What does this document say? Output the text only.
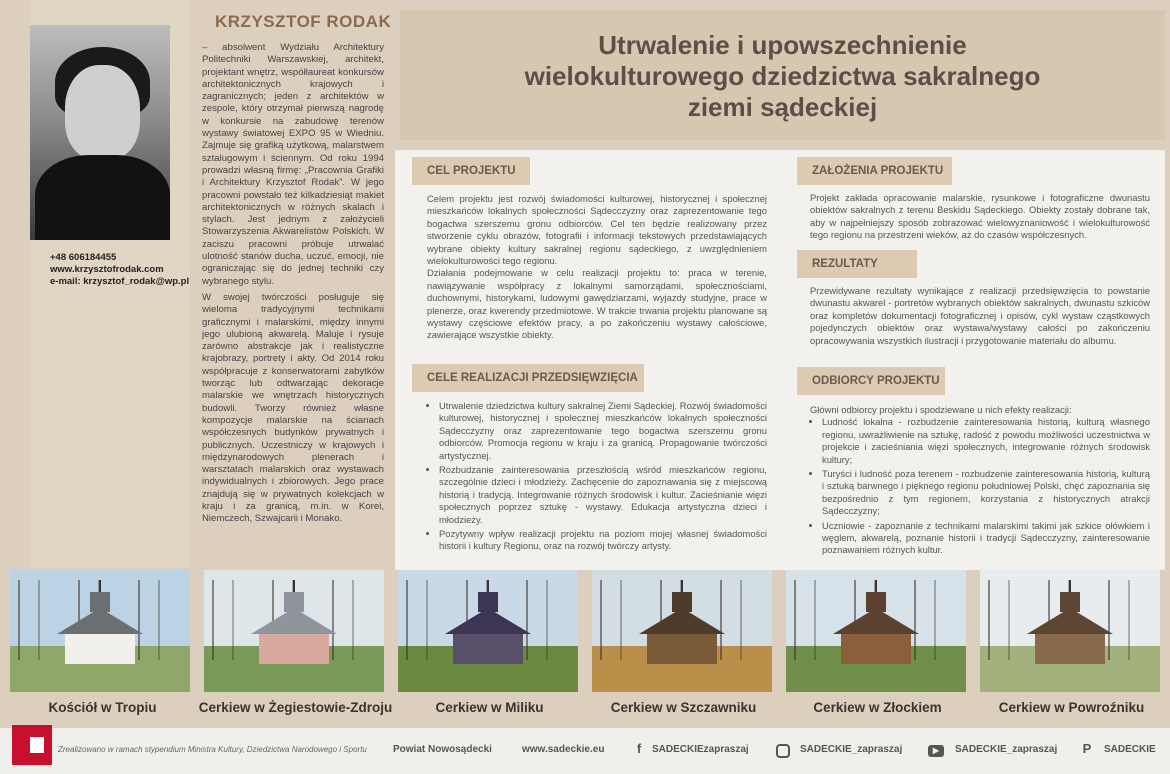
+48 606184455
www.krzysztofrodak.com
e-mail: krzysztof_rodak@wp.pl
KRZYSZTOF RODAK

– absolwent Wydziału Architektury Politechniki Warszawskiej, architekt, projektant wnętrz, współlaureat konkursów architektonicznych krajowych i zagranicznych; jeden z architektów w zespole, który otrzymał pierwszą nagrodę w konkursie na zabudowę terenów wystawy światowej EXPO 95 w Wiedniu. Zajmuje się grafiką użytkową, malarstwem sztalugowym i ściennym. Od roku 1994 prowadzi własną firmę: „Pracownia Grafiki i Architektury Krzysztof Rodak”. W jego pracowni powstało też kilkadziesiąt makiet architektonicznych w różnych skalach i stylach. Jest jednym z założycieli Stowarzyszenia Akwarelistów Polskich. W zaciszu pracowni próbuje utrwalać ulotność stanów ducha, uczuć, emocji, nie ograniczając się do jednej techniki czy wybranego stylu.

W swojej twórczości posługuje się wieloma tradycyjnymi technikami graficznymi i malarskimi, między innymi jego ulubioną akwarelą. Maluje i rysuje zarówno abstrakcje jak i realistyczne krajobrazy, portrety i akty. Od 2014 roku współpracuje z konserwatorami zabytków tworząc lub odtwarzając dekoracje malarskie we wnętrzach historycznych budowli. Tworzy również własne kompozycje malarskie na ścianach współczesnych budynków prywatnych i publicznych. Uczestniczy w krajowych i międzynarodowych plenerach i warsztatach malarskich oraz wystawach indywidualnych i zbiorowych. Jego prace znajdują się w prywatnych kolekcjach w kraju i za granicą, m.in. w Korei, Niemczech, Szwajcarii i Monako.

Utrwalenie i upowszechnienie
wielokulturowego dziedzictwa sakralnego
ziemi sądeckiej
CEL PROJEKTU

Celem projektu jest rozwój świadomości kulturowej, historycznej i społecznej mieszkańców lokalnych społeczności Sądecczyzny oraz zaprezentowanie tego bogactwa szerszemu gronu odbiorców. Cel ten będzie realizowany przez stworzenie cyklu obrazów, fotografii i informacji tekstowych przedstawiających wybrane obiekty kultury sakralnej regionu sądeckiego, z uwzględnieniem wielokulturowości tego regionu.

Działania podejmowane w celu realizacji projektu to: praca w terenie, nawiązywanie współpracy z lokalnymi samorządami, społecznościami, duchownymi, historykami, ludowymi gawędziarzami, wyjazdy studyjne, prace w plenerze, oraz kwerendy przedmiotowe. W trakcie trwania projektu planowane są wystawy częściowe efektów pracy, a po zakończeniu wystawy całościowe, zawierające wszystkie obiekty.

CELE REALIZACJI PRZEDSIĘWZIĘCIA
• Utrwalenie dziedzictwa kultury sakralnej Ziemi Sądeckiej. Rozwój świadomości kulturowej, historycznej i społecznej mieszkańców lokalnych społeczności Sądecczyzny oraz zaprezentowanie tego bogactwa szerszemu gronu odbiorców. Promocja regionu w kraju i za granicą. Propagowanie twórczości artystycznej.
• Rozbudzanie zainteresowania przeszłością wśród mieszkańców regionu, szczególnie dzieci i młodzieży. Zachęcenie do zapoznawania się z miejscową historią i tradycją. Integrowanie różnych środowisk i kultur. Zacieśnianie więzi społecznych poprzez sztukę - wystawy. Edukacja artystyczna dzieci i młodzieży.
• Pozytywny wpływ realizacji projektu na poziom mojej własnej świadomości historii i kultury Regionu, oraz na rozwój twórczy artysty.
ZAŁOŻENIA PROJEKTU
Projekt zakłada opracowanie malarskie, rysunkowe i fotograficzne dwunastu obiektów sakralnych z terenu Beskidu Sądeckiego. Obiekty zostały dobrane tak, aby w najpełniejszy sposób zobrazować wielowyznaniowość i wielokulturowość tego regionu na przestrzeni wieków, aż do czasów współczesnych.
REZULTATY
Przewidywane rezultaty wynikające z realizacji przedsięwzięcia to powstanie dwunastu akwarel - portretów wybranych obiektów sakralnych, dwunastu szkiców oraz kompletów dokumentacji fotograficznej i opisów, cykl wystaw cząstkowych pojedynczych obiektów oraz wystawa/wystawy całości po zakończeniu opracowywania wszystkich ilustracji i przygotowanie materiału do albumu.
ODBIORCY PROJEKTU

Główni odbiorcy projektu i spodziewane u nich efekty realizacji:

• Ludność lokalna - rozbudzenie zainteresowania historią, kulturą własnego regionu, uwrażliwienie na sztukę, radość z powodu możliwości uczestnictwa w projekcie i zacieśniania więzi społecznych, integrowanie różnych środowisk kultury;
• Turyści i ludność poza terenem - rozbudzenie zainteresowania historią, kulturą i sztuką barwnego i pięknego regionu południowej Polski, chęć zapoznania się bezpośrednio z tym regionem, korzystania z historycznych atrakcji Sądecczyzny;
• Uczniowie - zapoznanie z technikami malarskimi takimi jak szkice ołówkiem i węglem, akwarelą, poznanie historii i tradycji Sądecczyzny, zainteresowanie poznawaniem różnych kultur.
Kościół w Tropiu	Cerkiew w Żegiestowie-Zdroju	Cerkiew w Miliku	Cerkiew w Szczawniku	Cerkiew w Złockiem	Cerkiew w Powroźniku
Zrealizowano w ramach stypendium Ministra Kultury, Dziedzictwa Narodowego i Sportu	Powiat Nowosądecki	www.sadeckie.eu	f	SADECKIEzapraszaj	SADECKIE_zapraszaj	▶	SADECKIE_zapraszaj P SADECKIE
